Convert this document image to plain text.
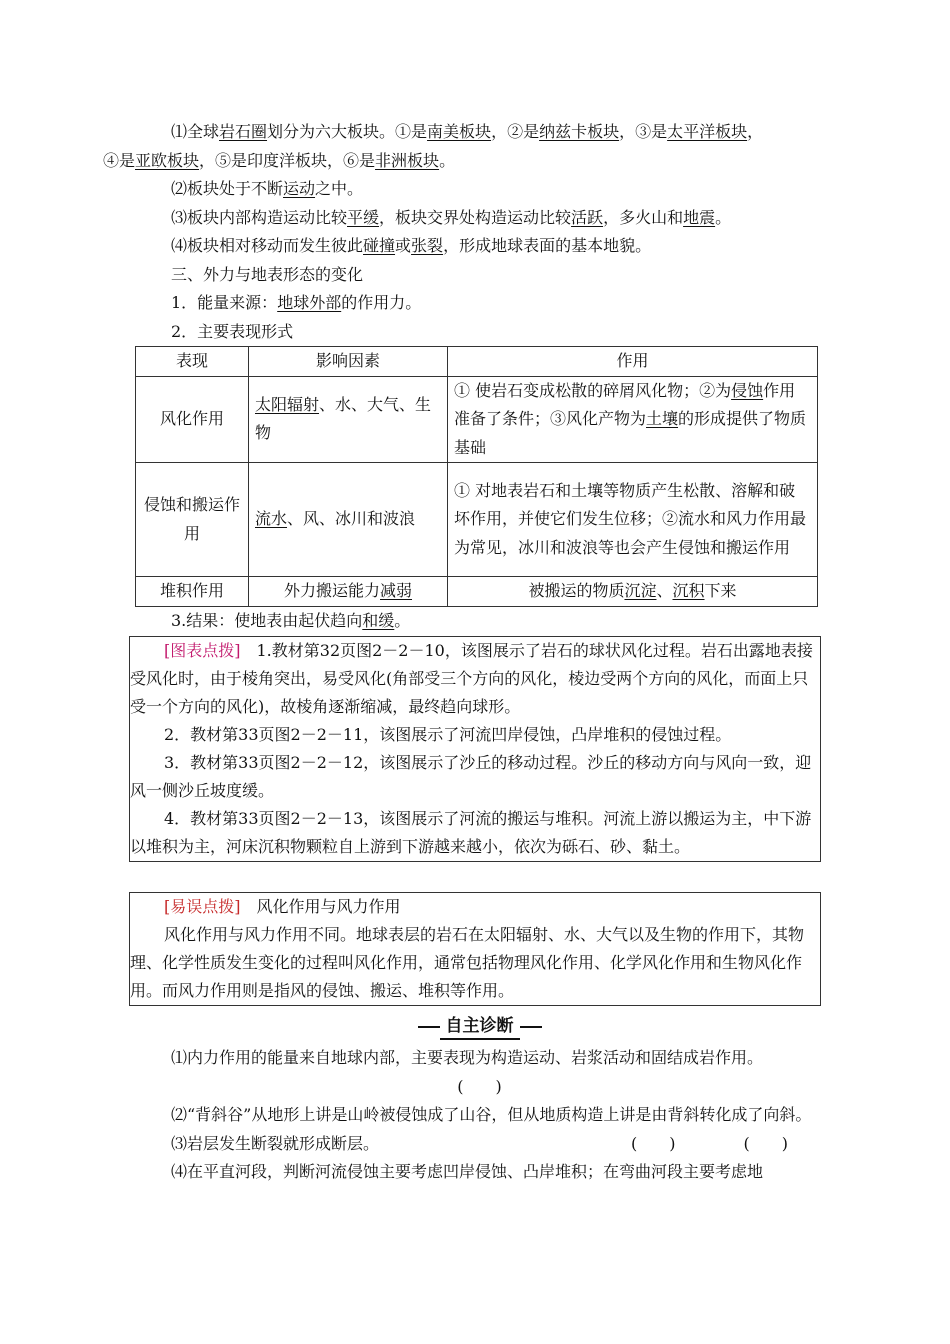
⑴全球岩石圈划分为六大板块。①是南美板块，②是纳兹卡板块，③是太平洋板块，
④是亚欧板块，⑤是印度洋板块，⑥是非洲板块。

⑵板块处于不断运动之中。

⑶板块内部构造运动比较平缓，板块交界处构造运动比较活跃，多火山和地震。

⑷板块相对移动而发生彼此碰撞或张裂，形成地球表面的基本地貌。

三、外力与地表形态的变化

1．能量来源：地球外部的作用力。

2．主要表现形式

表现	影响因素	作用
风化作用	太阳辐射、水、大气、生物	① 使岩石变成松散的碎屑风化物；②为侵蚀作用准备了条件；③风化产物为土壤的形成提供了物质基础
侵蚀和搬运作用	流水、风、冰川和波浪	① 对地表岩石和土壤等物质产生松散、溶解和破坏作用，并使它们发生位移；②流水和风力作用最为常见，冰川和波浪等也会产生侵蚀和搬运作用
堆积作用	外力搬运能力减弱	被搬运的物质沉淀、沉积下来

3.结果：使地表由起伏趋向和缓。

[图表点拨]　1.教材第32页图2－2－10，该图展示了岩石的球状风化过程。岩石出露地表接受风化时，由于棱角突出，易受风化(角部受三个方向的风化，棱边受两个方向的风化，而面上只受一个方向的风化)，故棱角逐渐缩减，最终趋向球形。

2．教材第33页图2－2－11，该图展示了河流凹岸侵蚀，凸岸堆积的侵蚀过程。

3．教材第33页图2－2－12，该图展示了沙丘的移动过程。沙丘的移动方向与风向一致，迎风一侧沙丘坡度缓。

4．教材第33页图2－2－13，该图展示了河流的搬运与堆积。河流上游以搬运为主，中下游以堆积为主，河床沉积物颗粒自上游到下游越来越小，依次为砾石、砂、黏土。

[易误点拨]　风化作用与风力作用

风化作用与风力作用不同。地球表层的岩石在太阳辐射、水、大气以及生物的作用下，其物理、化学性质发生变化的过程叫风化作用，通常包括物理风化作用、化学风化作用和生物风化作用。而风力作用则是指风的侵蚀、搬运、堆积等作用。

自主诊断

⑴内力作用的能量来自地球内部，主要表现为构造运动、岩浆活动和固结成岩作用。

(　　)

⑵“背斜谷”从地形上讲是山岭被侵蚀成了山谷，但从地质构造上讲是由背斜转化成了向斜。
(　　)

⑶岩层发生断裂就形成断层。	(　　)

⑷在平直河段，判断河流侵蚀主要考虑凹岸侵蚀、凸岸堆积；在弯曲河段主要考虑地
